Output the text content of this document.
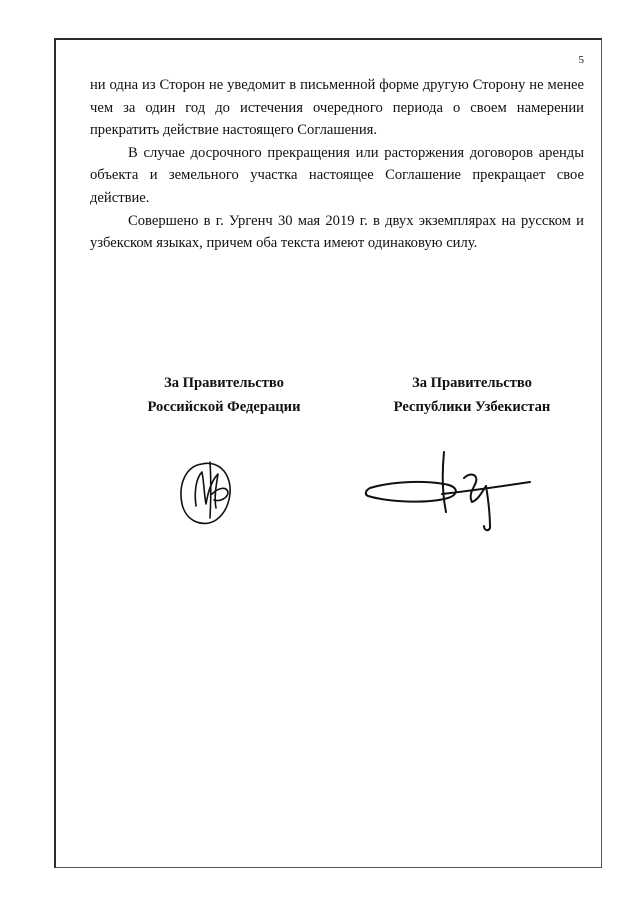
5

ни одна из Сторон не уведомит в письменной форме другую Сторону не менее чем за один год до истечения очередного периода о своем намерении прекратить действие настоящего Соглашения.

В случае досрочного прекращения или расторжения договоров аренды объекта и земельного участка настоящее Соглашение прекращает свое действие.

Совершено в г. Ургенч 30 мая 2019 г. в двух экземплярах на русском и узбекском языках, причем оба текста имеют одинаковую силу.

За Правительство
Российской Федерации
За Правительство
Республики Узбекистан
